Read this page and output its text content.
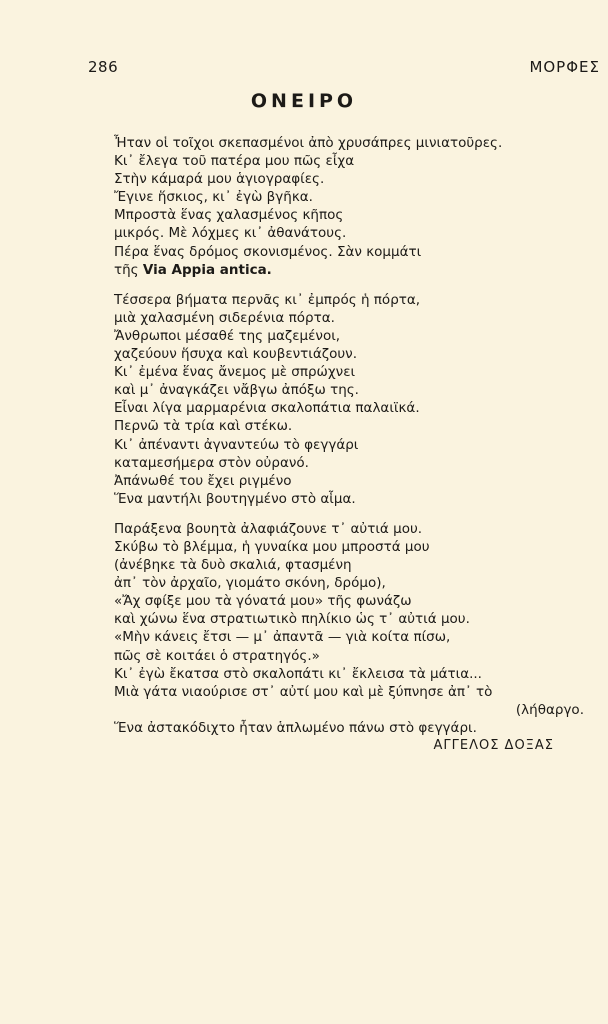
286	ΜΟΡΦΕΣ
ΟΝΕΙΡΟ
Ἦταν οἱ τοῖχοι σκεπασμένοι ἀπὸ χρυσάπρες μινιατοῦρες.
Κι᾿ ἔλεγα τοῦ πατέρα μου πῶς εἶχα
Στὴν κάμαρά μου ἁγιογραφίες.
Ἔγινε ἥσκιος, κι᾿ ἐγὼ βγῆκα.
Μπροστὰ ἕνας χαλασμένος κῆπος
μικρός. Μὲ λόχμες κι᾿ ἀθανάτους.
Πέρα ἕνας δρόμος σκονισμένος. Σὰν κομμάτι
τῆς Via Appia antica.
Τέσσερα βήματα περνᾶς κι᾿ ἐμπρός ἡ πόρτα,
μιὰ χαλασμένη σιδερένια πόρτα.
Ἄνθρωποι μέσαθέ της μαζεμένοι,
χαζεύουν ἥσυχα καὶ κουβεντιάζουν.
Κι᾿ ἐμένα ἕνας ἄνεμος μὲ σπρώχνει
καὶ μ᾿ ἀναγκάζει νἄβγω ἀπόξω της.
Εἶναι λίγα μαρμαρένια σκαλοπάτια παλαιϊκά.
Περνῶ τὰ τρία καὶ στέκω.
Κι᾿ ἀπέναντι ἀγναντεύω τὸ φεγγάρι
καταμεσήμερα στὸν οὐρανό.
Ἀπάνωθέ του ἔχει ριγμένο
Ἕνα μαντήλι βουτηγμένο στὸ αἷμα.
Παράξενα βουητὰ ἀλαφιάζουνε τ᾿ αὐτιά μου.
Σκύβω τὸ βλέμμα, ἡ γυναίκα μου μπροστά μου
(ἀνέβηκε τὰ δυὸ σκαλιά, φτασμένη
ἀπ᾿ τὸν ἀρχαῖο, γιομάτο σκόνη, δρόμο),
«Ἄχ σφίξε μου τὰ γόνατά μου» τῆς φωνάζω
καὶ χώνω ἕνα στρατιωτικὸ πηλίκιο ὡς τ᾿ αὐτιά μου.
«Μὴν κάνεις ἔτσι — μ᾿ ἀπαντᾶ — γιὰ κοίτα πίσω,
πῶς σὲ κοιτάει ὁ στρατηγός.»
Κι᾿ ἐγὼ ἔκατσα στὸ σκαλοπάτι κι᾿ ἔκλεισα τὰ μάτια...
Μιὰ γάτα νιαούρισε στ᾿ αὐτί μου καὶ μὲ ξύπνησε ἀπ᾿ τὸ
(λήθαργο.
Ἕνα ἀστακόδιχτο ἦταν ἁπλωμένο πάνω στὸ φεγγάρι.
ΑΓΓΕΛΟΣ ΔΟΞΑΣ
